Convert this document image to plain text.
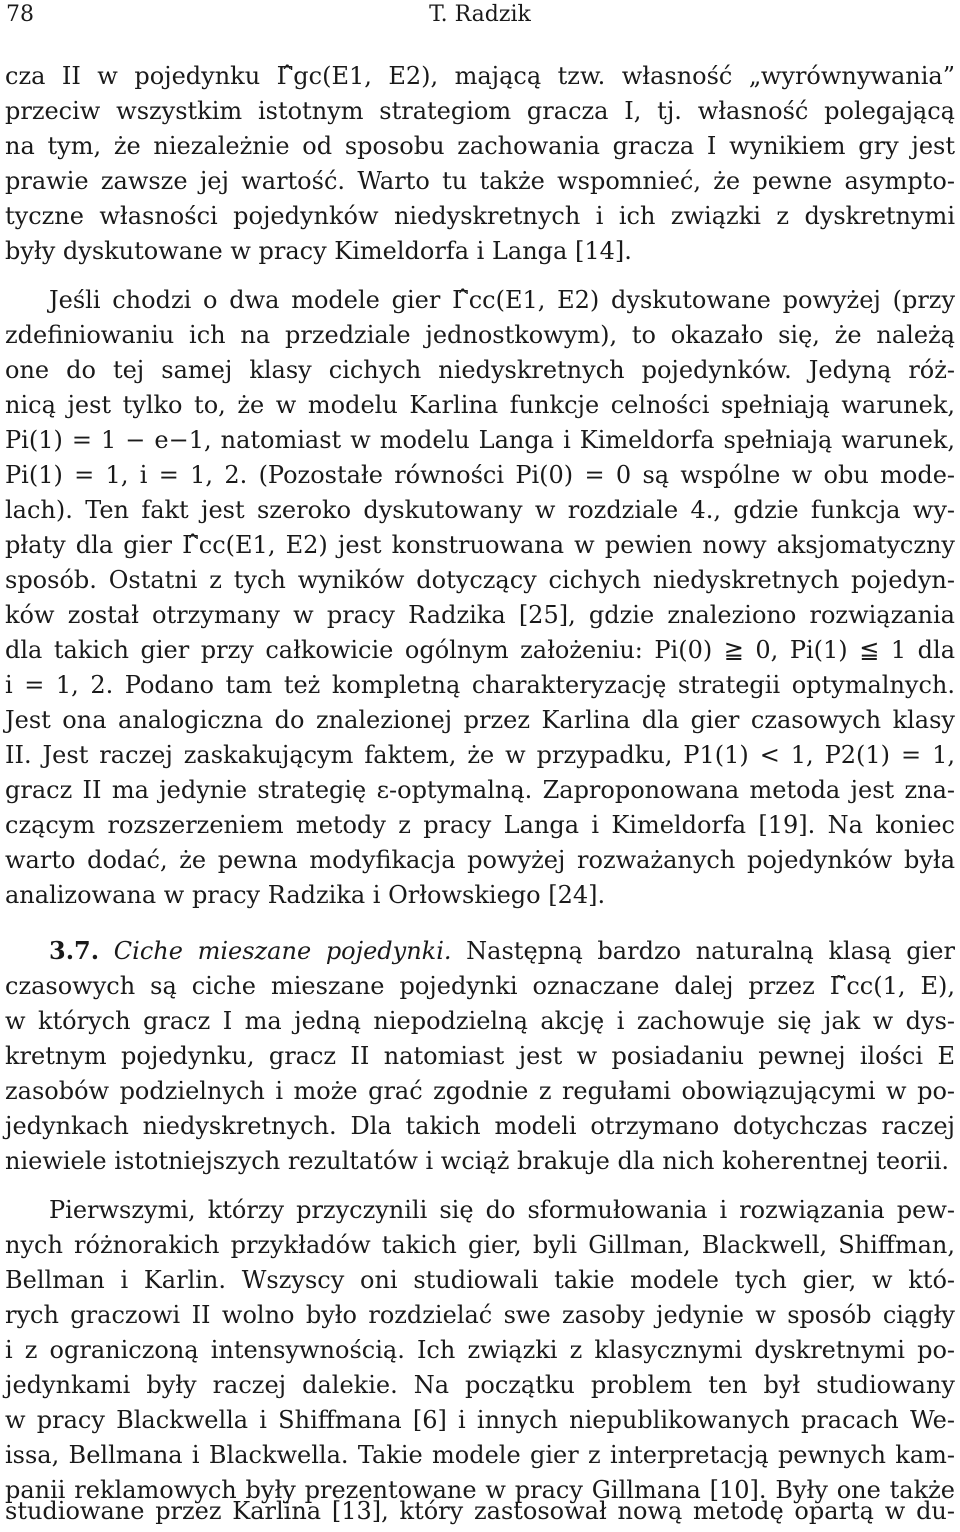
78	T. Radzik
cza II w pojedynku Γ̂gc(E1, E2), mającą tzw. własność „wyrównywania”
przeciw wszystkim istotnym strategiom gracza I, tj. własność polegającą
na tym, że niezależnie od sposobu zachowania gracza I wynikiem gry jest
prawie zawsze jej wartość. Warto tu także wspomnieć, że pewne asympto-
tyczne własności pojedynków niedyskretnych i ich związki z dyskretnymi
były dyskutowane w pracy Kimeldorfa i Langa [14].
Jeśli chodzi o dwa modele gier Γ̂cc(E1, E2) dyskutowane powyżej (przy
zdefiniowaniu ich na przedziale jednostkowym), to okazało się, że należą
one do tej samej klasy cichych niedyskretnych pojedynków. Jedyną róż-
nicą jest tylko to, że w modelu Karlina funkcje celności spełniają warunek,
Pi(1) = 1 − e−1, natomiast w modelu Langa i Kimeldorfa spełniają warunek,
Pi(1) = 1, i = 1, 2. (Pozostałe równości Pi(0) = 0 są wspólne w obu mode-
lach). Ten fakt jest szeroko dyskutowany w rozdziale 4., gdzie funkcja wy-
płaty dla gier Γ̂cc(E1, E2) jest konstruowana w pewien nowy aksjomatyczny
sposób. Ostatni z tych wyników dotyczący cichych niedyskretnych pojedyn-
ków został otrzymany w pracy Radzika [25], gdzie znaleziono rozwiązania
dla takich gier przy całkowicie ogólnym założeniu: Pi(0) ≧ 0, Pi(1) ≦ 1 dla
i = 1, 2. Podano tam też kompletną charakteryzację strategii optymalnych.
Jest ona analogiczna do znalezionej przez Karlina dla gier czasowych klasy
II. Jest raczej zaskakującym faktem, że w przypadku, P1(1) < 1, P2(1) = 1,
gracz II ma jedynie strategię ε-optymalną. Zaproponowana metoda jest zna-
czącym rozszerzeniem metody z pracy Langa i Kimeldorfa [19]. Na koniec
warto dodać, że pewna modyfikacja powyżej rozważanych pojedynków była
analizowana w pracy Radzika i Orłowskiego [24].
3.7. Ciche mieszane pojedynki. Następną bardzo naturalną klasą gier
czasowych są ciche mieszane pojedynki oznaczane dalej przez Γ̃cc(1, E),
w których gracz I ma jedną niepodzielną akcję i zachowuje się jak w dys-
kretnym pojedynku, gracz II natomiast jest w posiadaniu pewnej ilości E
zasobów podzielnych i może grać zgodnie z regułami obowiązującymi w po-
jedynkach niedyskretnych. Dla takich modeli otrzymano dotychczas raczej
niewiele istotniejszych rezultatów i wciąż brakuje dla nich koherentnej teorii.
Pierwszymi, którzy przyczynili się do sformułowania i rozwiązania pew-
nych różnorakich przykładów takich gier, byli Gillman, Blackwell, Shiffman,
Bellman i Karlin. Wszyscy oni studiowali takie modele tych gier, w któ-
rych graczowi II wolno było rozdzielać swe zasoby jedynie w sposób ciągły
i z ograniczoną intensywnością. Ich związki z klasycznymi dyskretnymi po-
jedynkami były raczej dalekie. Na początku problem ten był studiowany
w pracy Blackwella i Shiffmana [6] i innych niepublikowanych pracach We-
issa, Bellmana i Blackwella. Takie modele gier z interpretacją pewnych kam-
panii reklamowych były prezentowane w pracy Gillmana [10]. Były one także
studiowane przez Karlina [13], który zastosował nową metodę opartą w du-
